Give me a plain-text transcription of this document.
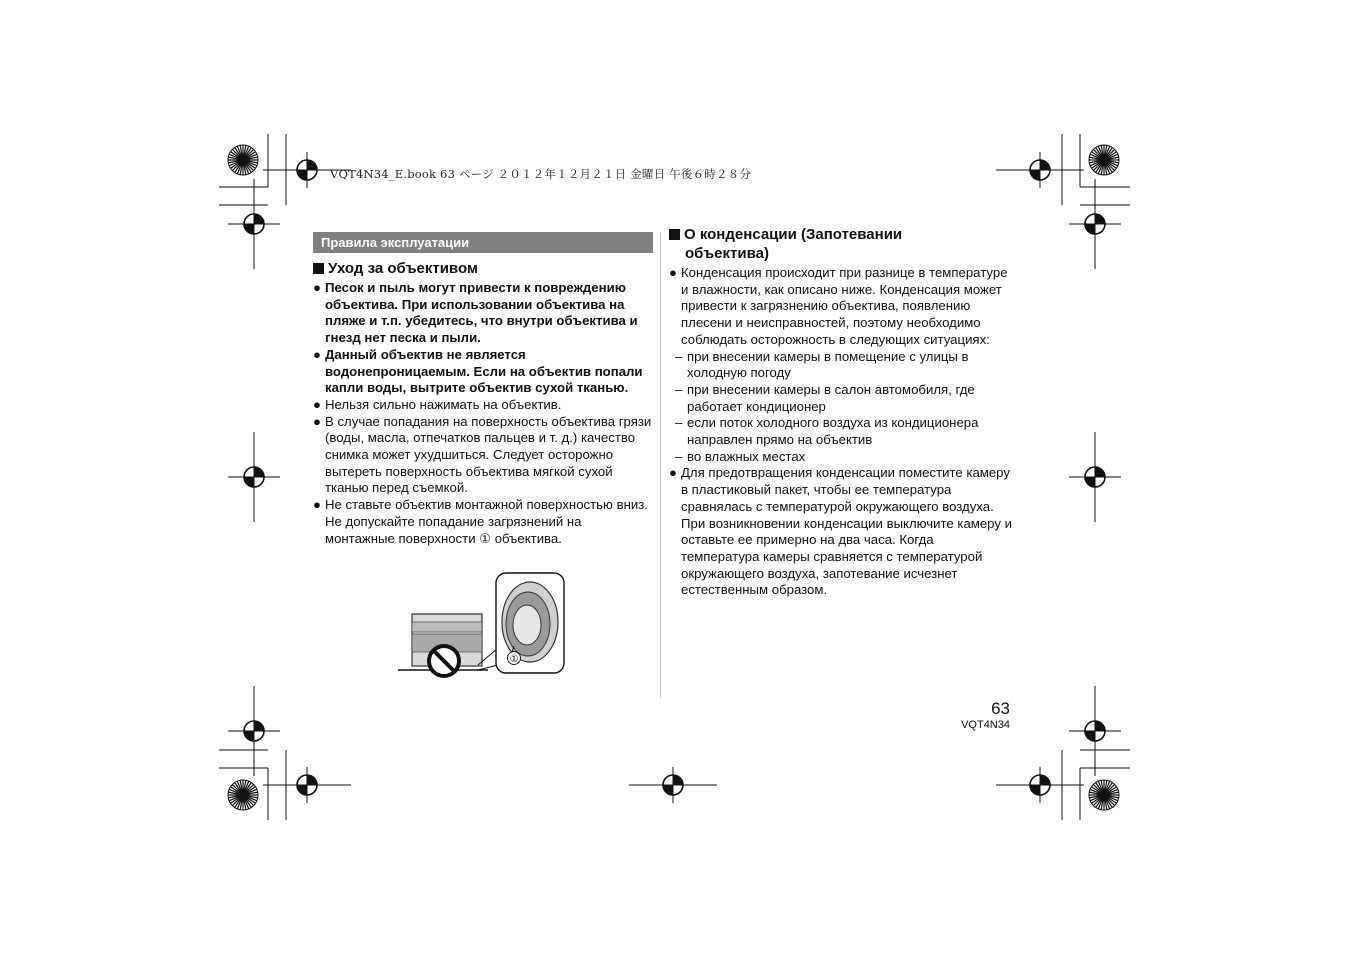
VQT4N34_E.book 63 ページ ２０１２年１２月２１日 金曜日 午後６時２８分
Правила эксплуатации
Уход за объективом
● Песок и пыль могут привести к повреждению объектива. При использовании объектива на пляже и т.п. убедитесь, что внутри объектива и гнезд нет песка и пыли.
● Данный объектив не является водонепроницаемым. Если на объектив попали капли воды, вытрите объектив сухой тканью.
● Нельзя сильно нажимать на объектив.
● В случае попадания на поверхность объектива грязи (воды, масла, отпечатков пальцев и т. д.) качество снимка может ухудшиться. Следует осторожно вытереть поверхность объектива мягкой сухой тканью перед съемкой.
● Не ставьте объектив монтажной поверхностью вниз. Не допускайте попадание загрязнений на монтажные поверхности ① объектива.
①
О конденсации (Запотевании
объектива)
● Конденсация происходит при разнице в температуре и влажности, как описано ниже. Конденсация может привести к загрязнению объектива, появлению плесени и неисправностей, поэтому необходимо соблюдать осторожность в следующих ситуациях:
– при внесении камеры в помещение с улицы в холодную погоду
– при внесении камеры в салон автомобиля, где работает кондиционер
– если поток холодного воздуха из кондиционера направлен прямо на объектив
– во влажных местах
● Для предотвращения конденсации поместите камеру в пластиковый пакет, чтобы ее температура сравнялась с температурой окружающего воздуха. При возникновении конденсации выключите камеру и оставьте ее примерно на два часа. Когда температура камеры сравняется с температурой окружающего воздуха, запотевание исчезнет естественным образом.
63
VQT4N34
